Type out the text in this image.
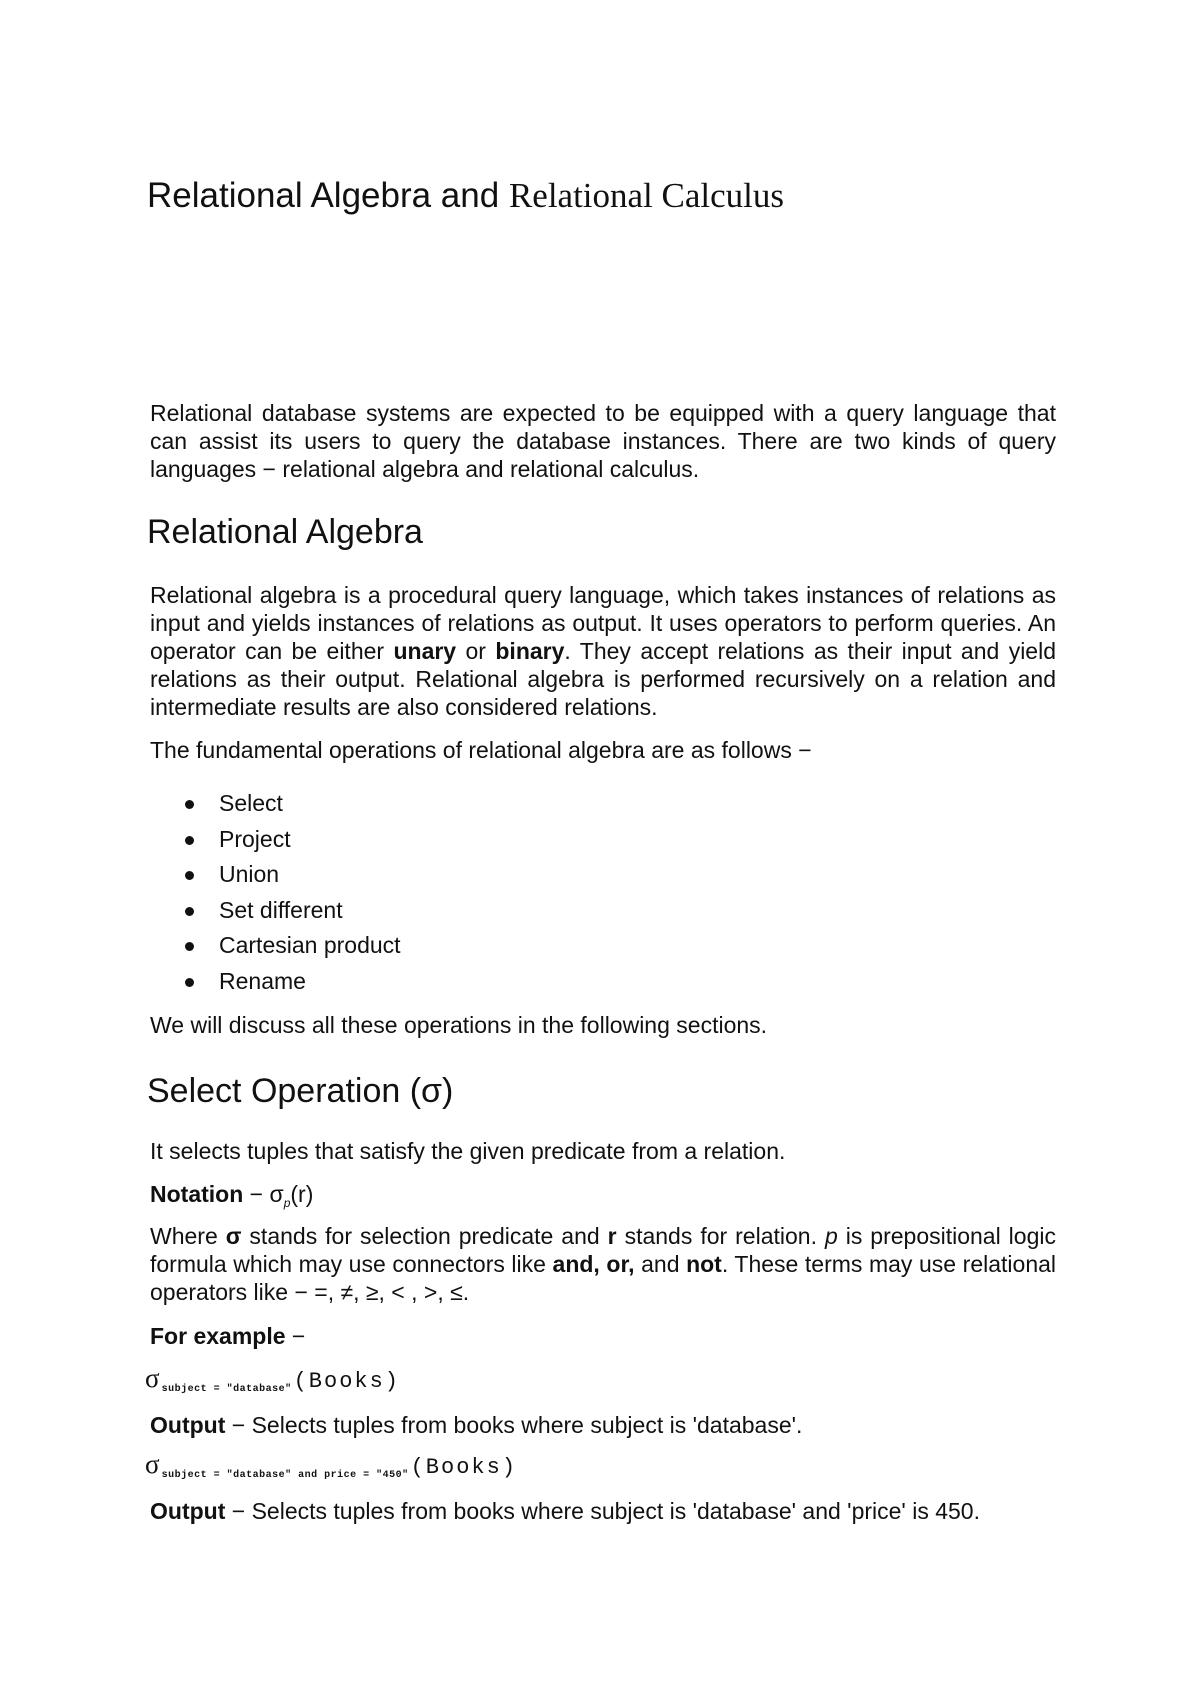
Relational Algebra and Relational Calculus

Relational database systems are expected to be equipped with a query language that can assist its users to query the database instances. There are two kinds of query languages − relational algebra and relational calculus.

Relational Algebra

Relational algebra is a procedural query language, which takes instances of relations as input and yields instances of relations as output. It uses operators to perform queries. An operator can be either unary or binary. They accept relations as their input and yield relations as their output. Relational algebra is performed recursively on a relation and intermediate results are also considered relations.

The fundamental operations of relational algebra are as follows −

Select
Project
Union
Set different
Cartesian product
Rename

We will discuss all these operations in the following sections.

Select Operation (σ)

It selects tuples that satisfy the given predicate from a relation.

Notation − $\sigma_p(r)$

Where σ stands for selection predicate and r stands for relation. p is prepositional logic formula which may use connectors like and, or, and not. These terms may use relational operators like − =, ≠, ≥, < , >, ≤.

For example −

σ $_{subject = "database"}$(Books)

Output − Selects tuples from books where subject is 'database'.

σ $_{subject = "database" and price = "450"}$(Books)

Output − Selects tuples from books where subject is 'database' and 'price' is 450.
